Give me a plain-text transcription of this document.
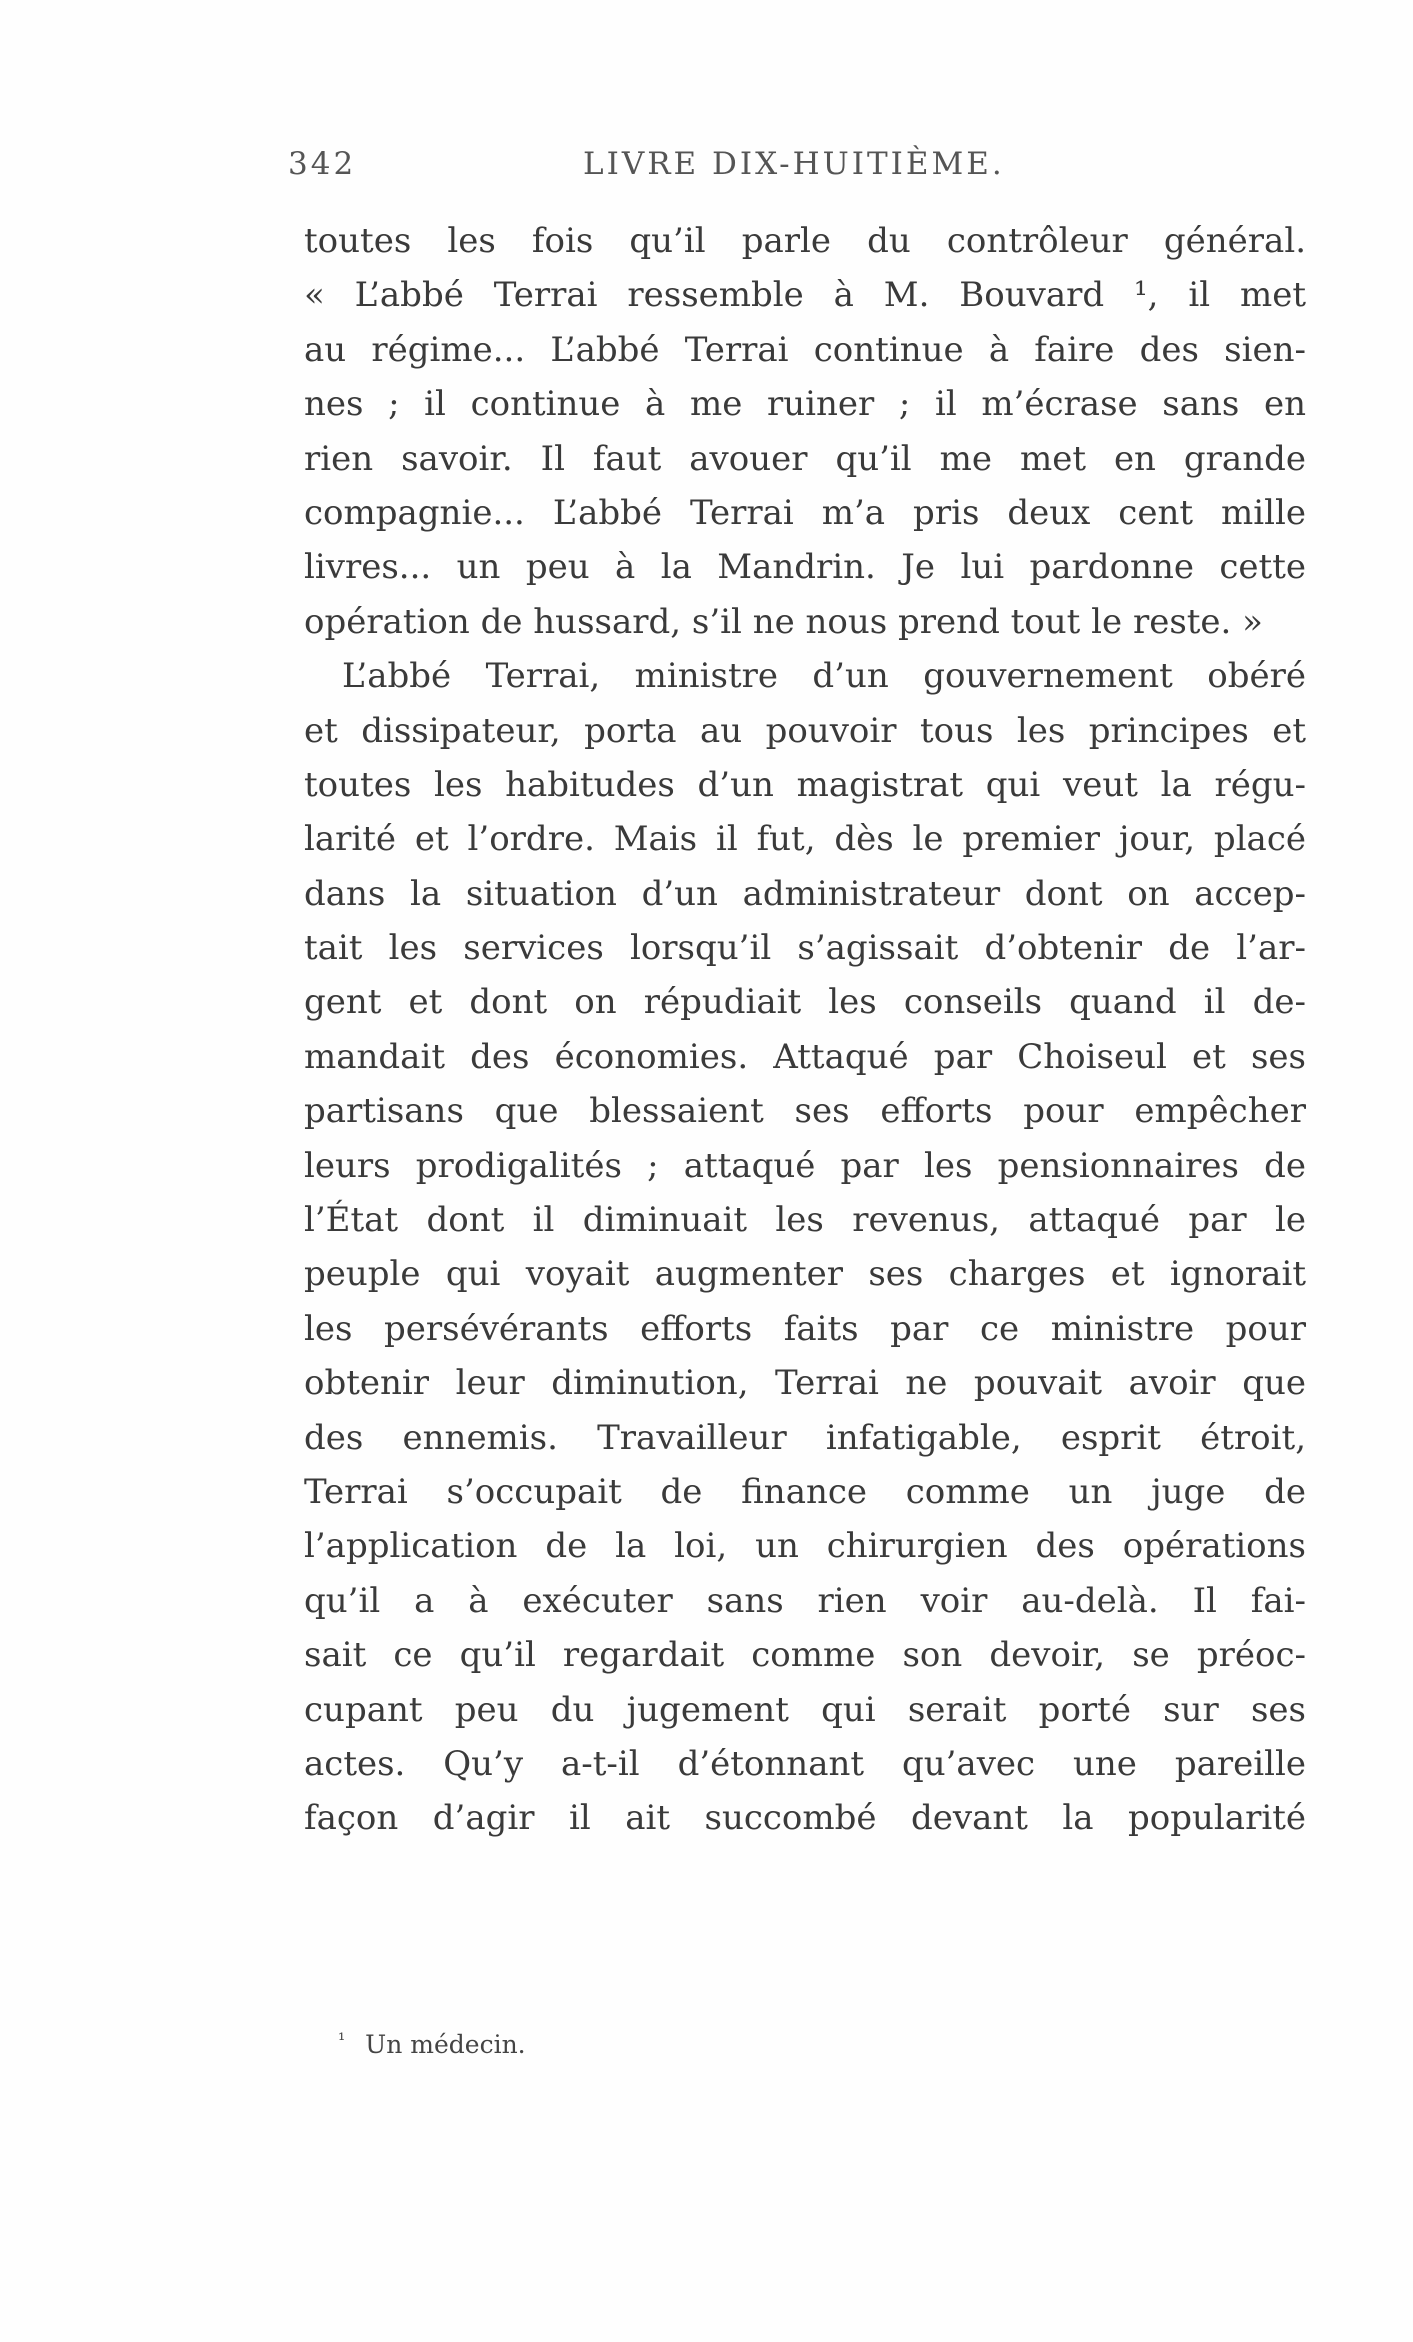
342	LIVRE DIX-HUITIÈME.
toutes les fois qu’il parle du contrôleur général.
« L’abbé Terrai ressemble à M. Bouvard ¹, il met
au régime... L’abbé Terrai continue à faire des sien-
nes ; il continue à me ruiner ; il m’écrase sans en
rien savoir. Il faut avouer qu’il me met en grande
compagnie... L’abbé Terrai m’a pris deux cent mille
livres... un peu à la Mandrin. Je lui pardonne cette
opération de hussard, s’il ne nous prend tout le reste. »
L’abbé Terrai, ministre d’un gouvernement obéré
et dissipateur, porta au pouvoir tous les principes et
toutes les habitudes d’un magistrat qui veut la régu-
larité et l’ordre. Mais il fut, dès le premier jour, placé
dans la situation d’un administrateur dont on accep-
tait les services lorsqu’il s’agissait d’obtenir de l’ar-
gent et dont on répudiait les conseils quand il de-
mandait des économies. Attaqué par Choiseul et ses
partisans que blessaient ses efforts pour empêcher
leurs prodigalités ; attaqué par les pensionnaires de
l’État dont il diminuait les revenus, attaqué par le
peuple qui voyait augmenter ses charges et ignorait
les persévérants efforts faits par ce ministre pour
obtenir leur diminution, Terrai ne pouvait avoir que
des ennemis. Travailleur infatigable, esprit étroit,
Terrai s’occupait de finance comme un juge de
l’application de la loi, un chirurgien des opérations
qu’il a à exécuter sans rien voir au-delà. Il fai-
sait ce qu’il regardait comme son devoir, se préoc-
cupant peu du jugement qui serait porté sur ses
actes. Qu’y a-t-il d’étonnant qu’avec une pareille
façon d’agir il ait succombé devant la popularité
$^{^1}$ Un médecin.
